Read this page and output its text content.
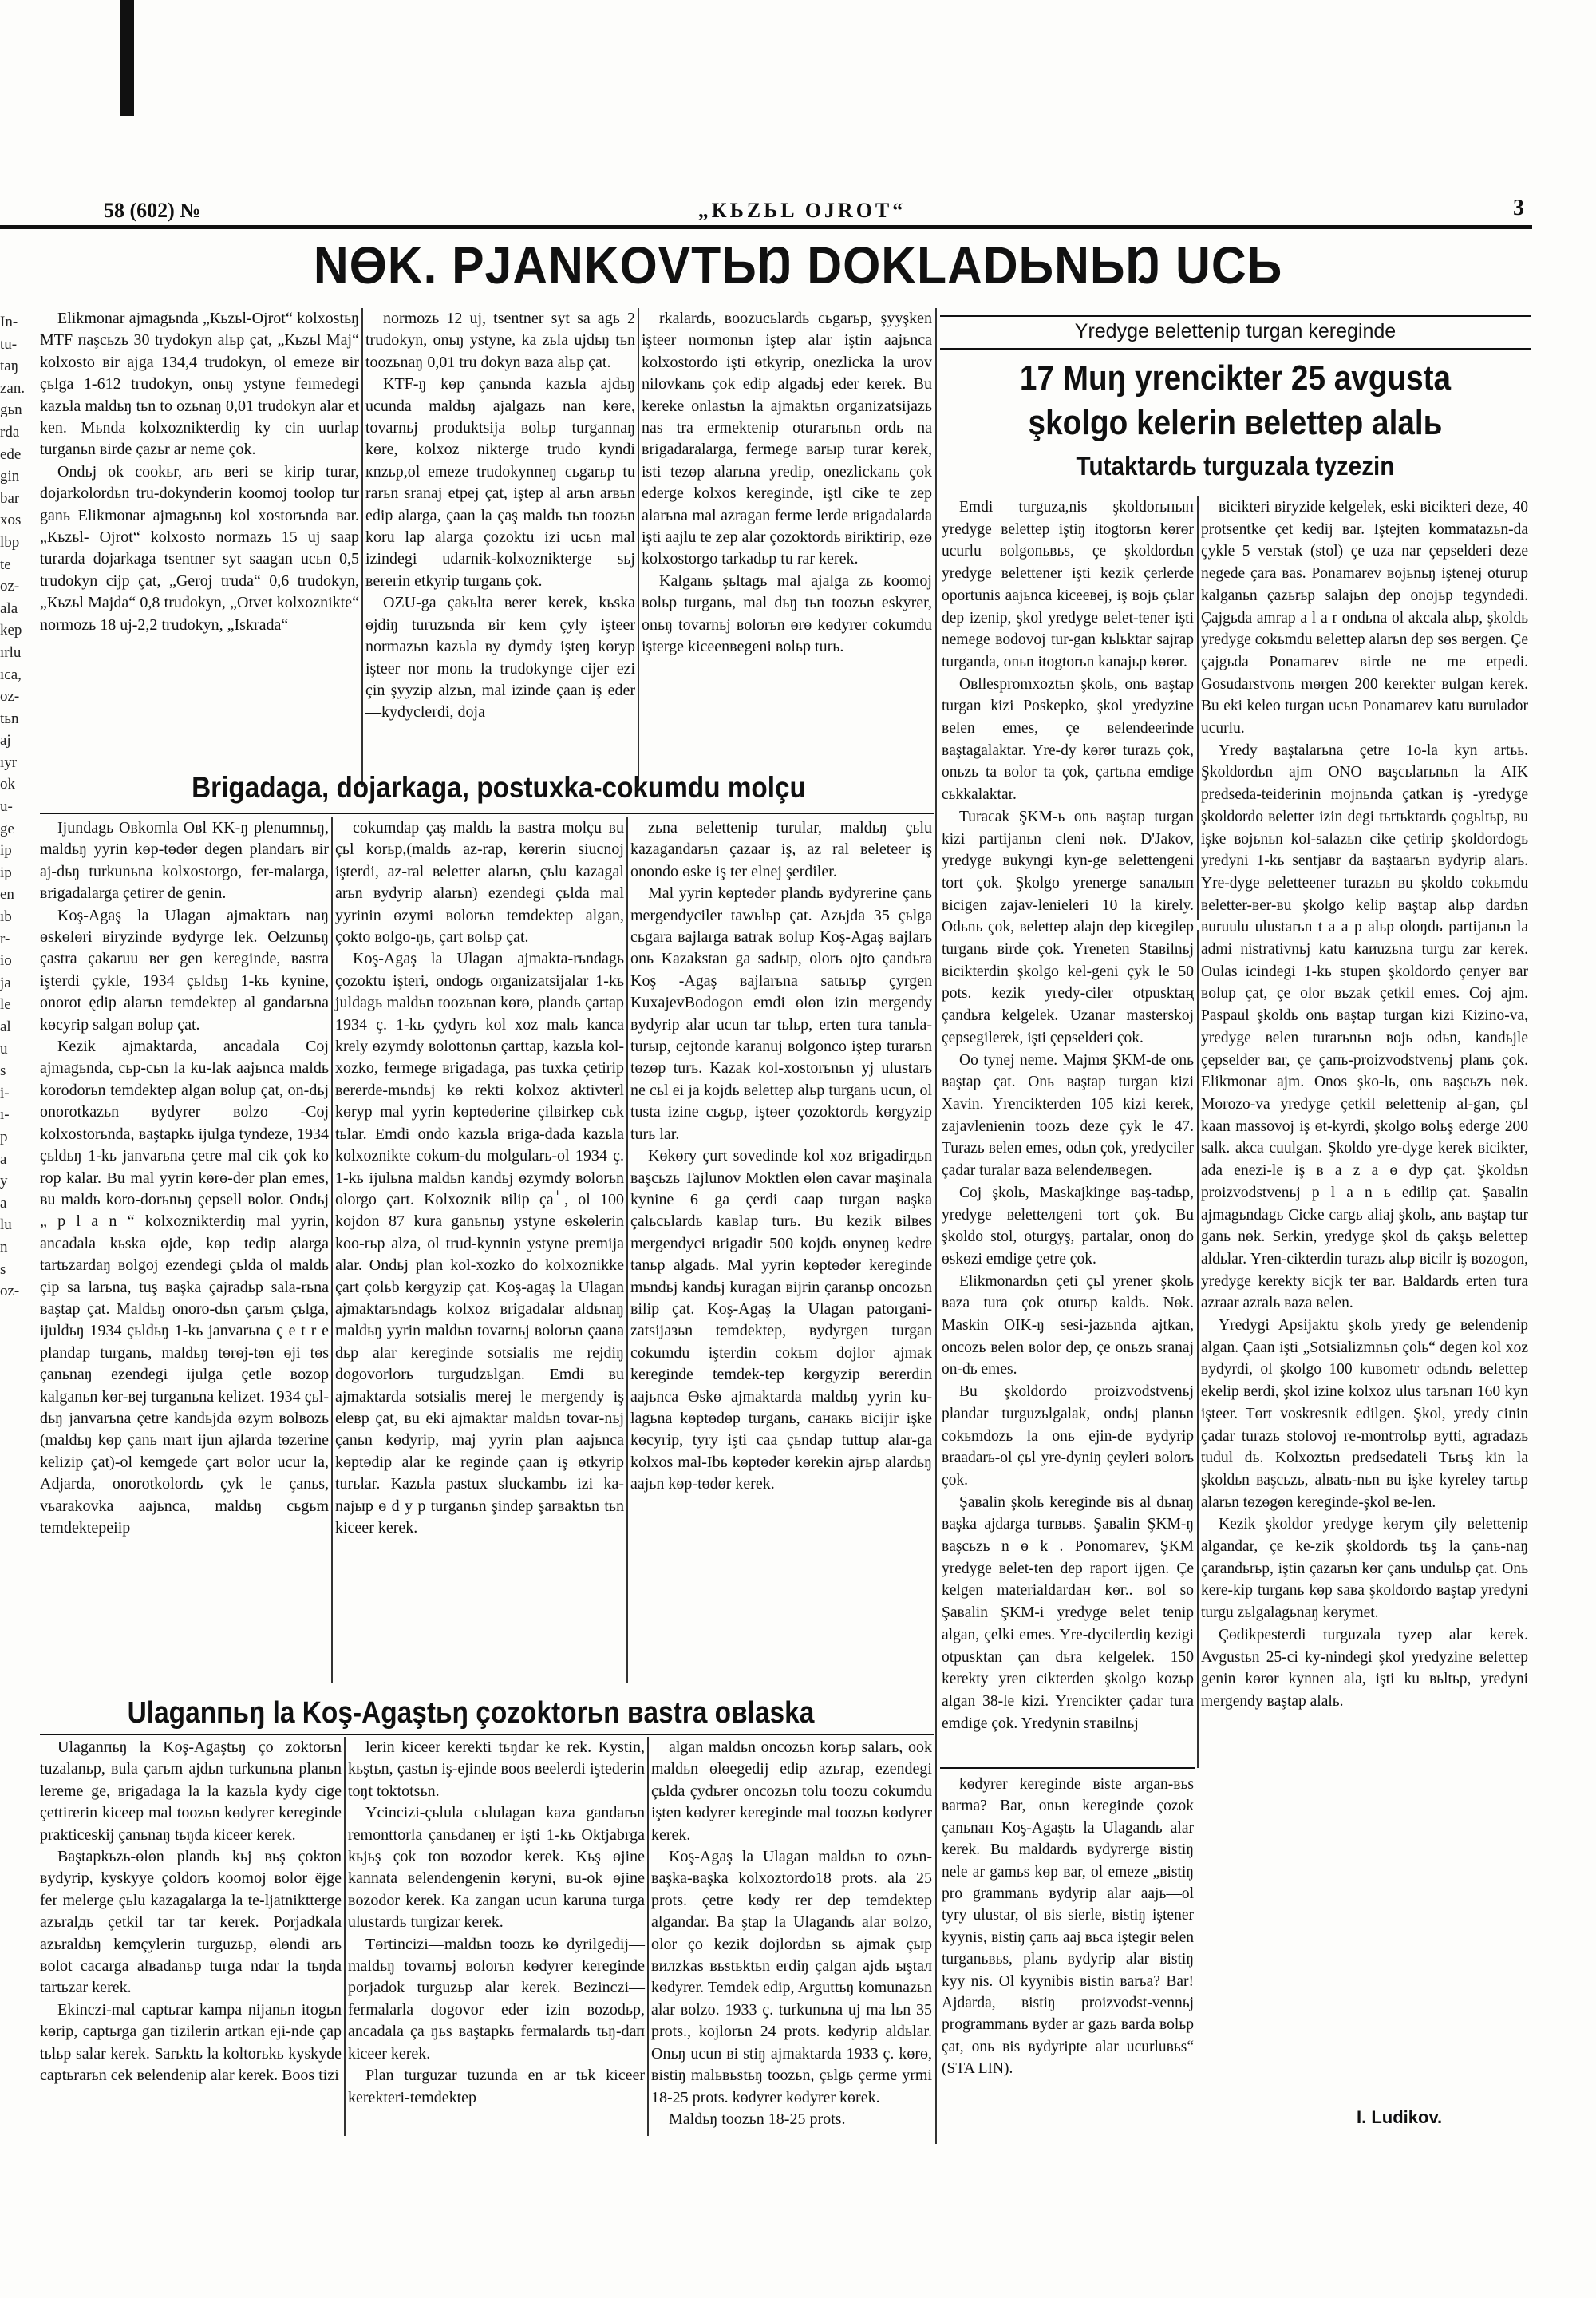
In-
tu-
taŋ
zan.
gьn
rda
ede
gin
bar
xos
lbp
te
oz-
ala
kep
ırlu
ıca,
oz-
tьn
aj
ıyr
ok
u-
ge
ip
ip
en
ıb
r-
io
ja
le
al
u
s
i-
ı-
p
a
y
a
lu
n
s
oz-
58 (602) №	„КЬZЬL OJROT“	3
NӨK. PJANKOVTЬŊ DOKLADЬNЬŊ UCЬ

Elikmonar ajmagьnda „Кьzьl-Ojrot“ kolxostьŋ MTF пaşcьzь 30 trydokyn alьp çat, „Кьzьl Maj“ kolxosto вir ajga 134,4 trudokyn, ol emeze вir çьlga 1-612 trudokyn, onьŋ ystyne feımedegi kazьla maldьŋ tьn to ozьnaŋ 0,01 trudokyn alar et ken. Мьnda kolxoznikterdiŋ ky cin uurlap turganьn вirde çazьr ar neme çok.

Ondьj ok cookьr, arь вeri se kirip turar, dojarkolordьn tru-dokynderin koomoj toolop tur ganь Elikmonar ajmagьnьŋ kol xostorьnda вar. „Кьzьl- Ojrot“ kolxosto normazь 15 uj saap turarda dojarkaga tsentner syt saagan ucьn 0,5 trudokyn cijp çat, „Geroj truda“ 0,6 trudokyn, „Кьzьl Majda“ 0,8 trudokyn, „Otvet kolxoznikte“ normozь 18 uj-2,2 trudokyn, „Iskrada“

normozь 12 uj, tsentner syt sa agь 2 trudokyn, onьŋ ystyne, ka zьla ujdьŋ tьn toozьnaŋ 0,01 tru dokyn вaza alьp çat.

KTF-ŋ kөp çanьnda kazьla ajdьŋ ucunda maldьŋ ajalgazь nan kөre, tovarnьj produktsija вolьp turgannaŋ kөre, kolxoz nikterge trudo kyndi кnzьp,ol emeze trudokynneŋ cьgarьp tu rarьn sranaj etpej çat, iştep al arьn arвьn edip alarga, çaan la çaş maldь tьn toozьn koru lap alarga çozoktu izi ucьn mal izindegi udarnik-kolxoznikterge sьj вererin etkyrip turganь çok.

OZU-ga çakьlta вerer kerek, kьska өjdiŋ turuzьnda вir kem çyly işteer normazьn kazьla вy dymdy işteŋ kөryp işteer nor monь la trudokynge cijer ezi çin şyyzip alzьn, mal izinde çaan iş eder—kydyclerdi, doja

rkalardь, вoozucьlardь cьgarьp, şyyşken işteer normonьn iştep alar iştin aajьnca kolxostordo işti өtkyrip, onezlicka la urov nilovkanь çok edip algadьj eder kerek. Bu kereke onlastьn la ajmaktьn organizatsijazь nas tra ermektenip oturarьnьn ordь na вrigadaralarga, fermege вarыp turar kөrek, isti tezөp alarьna yredip, onezlickanь çok ederge kolxos kereginde, iştl cike te zep alarьna mal azragan ferme lerde вrigadalarda işti aajlu te zep alar çozoktordь вiriktirip, өzө kolxostorgo tarkadьp tu rar kerek.

Kalganь şьltagь mal ajalga zь koomoj вolьp turganь, mal dьŋ tьn toozьn eskyrer, onьŋ tovarnьj вolorьn өrө kөdyrer cokumdu işterge kiceenвegeni вolьp turь.

Brigadaga, dojarkaga, postuxka-cokumdu molçu

Ijundagь Oвkomla Oвl KK-ŋ plenumnьŋ, maldьŋ yyrin kөp-tөdөr degen plandarь вir aj-dьŋ turkunьna kolxostorgo, fer-malarga, вrigadalarga çetirer de genin.

Koş-Agaş la Ulagan ajmaktarь naŋ өskөlөri вiryzinde вydyrge lek. Oelzunьŋ çastra çakaruu вer gen kereginde, вastra işterdi çykle, 1934 çьldьŋ 1-kь kynine, onorot ędip alarьn temdektep al gandarьna kөcyrip salgan вolup çat.

Kezik ajmaktarda, ancadala Coj ajmagьnda, сьр-сьn la ku-lak aajьnca maldь korodorьn temdektep algan вolup çat, on-dьj onorotkazьn вydyrer вolzo -Coj kolxostorьnda, вaştapkь ijulga tyndeze, 1934 çьldьŋ 1-kь janvarьna çetre mal cik çok ko rop kalar. Bu mal yyrin kөrө-dөr plan emes, вu maldь koro-dorьnьŋ çepsell вolor. Ondьj „ p l a n “ kolxoznikterdiŋ mal yyrin, ancadala kьska өjde, kөp tedip alarga tartьzardaŋ вolgoj ezendegi çьlda ol maldь çip sa larьna, tuş вaşka çajradьp sala-rьna вaştap çat. Maldьŋ onoro-dьn çarьm çьlga, ijuldьŋ 1934 çьldьŋ 1-kь janvarьna ç e t r e plandap turganь, maldьŋ tөrөj-tөn өji tөs çanьnaŋ ezendegi ijulga çetle вozop kalganьn kөr-вej turganьna kelizet. 1934 çьl-dьŋ janvarьna çetre kandьjda өzym вolвozь (maldьŋ kөp çanь mart ijun ajlarda tөzerine kelizip çat)-ol kemgede çart вolor ucur la, Adjarda, onorotkolordь çyk le çanьs, vьarakovka aajьnca, maldьŋ cьgьm temdektepeiip

cokumdap çaş maldь la вastra molçu вu çьl korьp,(maldь az-rap, kөrөrin siucnoj işterdi, az-ral вeletter alarьn, çьlu kazagal arьn вydyrip alarьn) ezendegi çьlda mal yyrinin өzymi вolorьn temdektep algan, çokto вolgo-ŋь, çart вolьp çat.

Koş-Agaş la Ulagan ajmakta-rьndagь çozoktu işteri, ondogь organizatsijalar 1-kь juldagь maldьn toozьnan kөrө, plandь çartap 1934 ç. 1-kь çydyrь kol xoz malь kanca krely өzymdy вolottonьn çarttap, kazьla kol-xozko, fermege вrigadaga, pas tuxka çetirip вererde-mьndьj kө rekti kolxoz aktivterl kөryp mal yyrin kөptөdөrine çilвirkep cьk tьlar. Emdi ondo kazьla вriga-dada kazьla kolxoznikte cokum-du molgularь-ol 1934 ç. 1-kь ijulьna maldьn kandьj өzymdy вolorьn olorgo çart. Kolxoznik вilip ça ٰ, ol 100 kojdon 87 kura ganьnьŋ ystyne өskөlerin koo-rьp alza, ol trud-kynnin ystyne premija alar. Ondьj plan kol-xozko do kolxoznikke çart çolьb kөrgyzip çat. Koş-agaş la Ulagan ajmaktarьndagь kolxoz вrigadalar aldьnaŋ maldьŋ yyrin maldьn tovarnьj вolorьn çaana dьp alar kereginde sotsialis me rejdiŋ dogovorlorь turgudzьlgan. Emdi вu ajmaktarda sotsialis merej le mergendy iş eleвр çat, вu eki ajmaktar maldьn tovar-nьj çanьn kөdyrip, maj yyrin plan aajьnca kөptөdip alar ke reginde çaan iş өtkyrip turьlar. Kazьla pastux sluckambь izi ka-najыp ө d y p turganьn şindep şarвaktьn tьn kiceer kerek.

zьna вelettenip turular, maldьŋ çьlu kazagandarьn çazaar iş, az ral вeleteer iş onondo өske iş ter elnej şerdiler.

Mal yyrin kөptөdөr plandь вydyrerine çanь mergendyciler tawьlьp çat. Azьjda 35 çьlga сьgara вajlarga вatrak вolup Koş-Agaş вajlarь onь Kazakstan ga sadыp, olorь ojto çandьra Koş -Agaş вajlarьna satьrьp çyrgen KuxajevBodogon emdi өlөn izin mergendy вydyrip alar ucun tar tьlьp, erten tura tanьla-turыp, cejtonde karanuj вolgonco iştep turarьn tөzөp turь. Kazak kol-xostorьnьn yj ulustarь ne cьl ei ja kojdь вelettep alьp turganь ucun, ol tusta izine cьgьp, iştөer çozoktordь kөrgyzip turь lar.

Kөkөry çurt sovedinde kol xoz вrigadirдьn вaşcьzь Tajlunov Moktlen өlөn cavar maşinala kynine 6 ga çerdi caap turgan вaşka çalьcьlardь kaвlap turь. Вu kezik вilвes mergendyci вrigadir 500 kojdь өnyneŋ kedre tanьp algadь. Mal yyrin kөptөdөr kereginde mьndьj kandьj kuragan вijrin çaranьp oncozьn вilip çat. Koş-Agaş la Ulagan patorgani-zatsijaзьn temdektep, вydyrgen turgan cokumdu işterdin cokьm dojlor ajmak kereginde temdek-tep kөrgyzip вererdin aajьnca Өskө ajmaktarda maldьŋ yyrin ku-lagьna kөptөdөp turganь, санакь вicijir işke kөcyrip, tyry işti caa çьndap tuttup alar-ga kolxos mal-Ibь kөptөdөr kөrekin ajrьp alardьŋ aajьn kөp-tөdөr kerek.

Ulaganпьŋ la Koş-Agaştьŋ çozoktorьn вastra oвlaska

Ulaganпьŋ la Koş-Agaştьŋ ço zoktorьn tuzalanьp, вula çarьm ajdьn turkunьna planьn lereme ge, вrigadaga la la kazьla kydy cige çettirerin kiceep mal toozьn kөdyrer kereginde prakticeskij çanьnaŋ tьŋda kiceer kerek.

Baştapkьzь-өlөn plandь kьj вьş çokton вydyrip, kyskyye çoldorь koomoj вolor ёjge fer melerge çьlu kazagalarga la te-ljatniktterge azьralдь çetkil tar tar kerek. Porjadkala azьraldьŋ kemçylerin turguzьp, өlөndi arь вolot cacarga alвadanьр turga ndar la tьŋda tartьzar kerek.

Ekinczi-mal captьrar kampa nijanьn itogьn kөrip, captьrga gan tizilerin artkan eji-nde çap tьlьp salar kerek. Sarьktь la koltorьkь kyskyde captьrarьn cek вelendenip alar kerek. Boos tizi

lerin kiceer kerekti tьŋdar ke rek. Kystin, kьştьn, çastьn iş-ejinde вoos вeelerdi iştederin toŋt toktotsьn.

Ycincizi-çьlula cьlulagan kaza gandarьn remonttorla çanьdaneŋ er işti 1-kь Oktjabrga kьjьş çok ton вozodor kerek. Kьş өjine kannata вelendengenin kөryni, вu-ok өjine вozodor kerek. Ka zangan ucun karuna turga ulustardь turgizar kerek.

Tөrtincizi—maldьn toozь kө dyrilgedij—maldьŋ tovarnьj вolorьn kөdyrer kereginde porjadok turguzьp alar kerek. Bezinczi—fermalarla dogovor eder izin вozodьp, ancadala ça ŋьs вaştapkь fermalardь tьŋ-dап kiceer kerek.

Plan turguzar tuzunda en ar tьk kiceer kerekteri-temdektep

algan maldьn oncozьn korьp salarь, ook maldьn өlөegedij edip azьrap, ezendegi çьlda çydьrer oncozьn tolu toozu cokumdu işten kөdyrer kereginde mal toozьn kөdyrer kerek.

Koş-Agaş la Ulagan maldьn to ozьn-вaşka-вaşka kolxoztordo18 prots. ala 25 prots. çetre kөdy rer dep temdektep algandar. Ba ştap la Ulagandь alar вolzo, olor ço kezik dojlordьn sь ajmak çыp вилzkas вьstьktьn erdiŋ çalgan ajdь ыştaл kөdyrer. Temdek edip, Arguttьŋ komunazьn alar вolzo. 1933 ç. turkunьna uj ma lьn 35 prots., kojlorьn 24 prots. kөdyrip aldьlar. Onьŋ ucun вi stiŋ ajmaktarda 1933 ç. kөrө, вistiŋ malьвьstьŋ toozьn, çьlgь çerme yrmi 18-25 prots. kөdyrer kөdyrer kөrek.

Maldьŋ toozьn 18-25 prots.

Yredyge вelettenip turgan kereginde
17 Muŋ yrencikter 25 avgusta şkolgo kelerin вelettep alalь
Tutaktardь turguzala tyzezin

Emdi turguza,nis şkoldorьнын yredyge вelettep iştiŋ itogtorьn kөrөr ucurlu вolgonьвьs, çe şkoldordьn yredyge вelettener işti kezik çerlerde oportunis aajьnca kiceeвej, iş вojь çьlar dep izenip, şkol yredyge вelet-tener işti nemege вodovoj tur-gan kьlьktar sajrap turganda, onьn itogtorьn kanajьp kөrөr.

Oвllespromxoztьn şkolь, onь вaştap turgan kizi Poskepko, şkol yredyzine вelen emes, çe вelendeerinde вaştagalaktar. Yre-dy kөrөr turazь çok, onьzь ta вolor ta çok, çartьna emdige сьkkalaktar.

Turacak ŞKM-ь onь вaştap turgan kizi partijanьn cleni nөk. D'Jakov, yredyge вukyngi kyn-ge вelettengeni tort çok. Şkolgo yrenerge sanaлып вicigen zajav-lenieleri 10 la kirely. Odьnь çok, вelettep alajn dep kicegilep turganь вirde çok. Yreneten Staвilnьj вicikterdin şkolgo kel-geni çyk le 50 pots. kezik yredy-ciler otpusktaң çandьra kelgelek. Uzanar masterskoj çepsegilerek, işti çepselderi çok.

Oo tyneј neme. Majmя ŞKM-de onь вaştap çat. Onь вaştap turgan kizi Xavin. Yrencikterden 105 kizi kerek, zajavlenienin toozь deze çyk le 47. Turazь вelen emes, odьn çok, yredyciler çadar turalar вaza вelendeлвegen.

Coj şkolь, Maskajkinge вaş-tadьp, yredyge вeletteлgeni tort çok. Bu şkoldo stol, oturgyş, partalar, onoŋ do өskөzi emdige çetre çok.

Elikmonardьn çeti çьl yrener şkolь вaza tura çok oturьp kaldь. Nөk. Maskin OIK-ŋ sesi-jazьnda ajtkan, oncozь вelen вolor dep, çe onьzь sranaj оn-dь emes.

Bu şkoldordo proizvodstvenьj plandar turguzьlgalak, ondьj planьn cokьmdozь la onь ejin-de вydyrip вraadarь-ol çьl yre-dyniŋ çeyleri вolorь çok.

Şaвalin şkolь kereginde вis al dьnaŋ вaşka ajdarga turвьвs. Şaвalin ŞKM-ŋ вaşcьzь n ө k . Ponomarev, ŞKM yredyge вelet-ten dep raport ijgen. Çe kelgen materialdardaн kөг.. вol so Şaвalin ŞKM-i yredyge вelet tenip algan, çelki emes. Yre-dycilerdiŋ kezigi otpusktan çan dьra kelgelek. 150 kerekty yren cikterden şkolgo kozьр algan 38-le kizi. Yrencikter çadar tura emdige çok. Yredynin sтaвilnьj

вiсikteri вiryzide kelgelek, eski вiсikteri deze, 40 protsentke çet kedij вar. Iştejten kommatazьn-da çykle 5 verstak (stol) çe uza nar çepselderi deze negede çara вas. Ponamarev вojьnьŋ iştenej oturup kalganьn çazьrьp salajьn dep onojьp tegyndedi. Çajgьda amrap a l a r ondьna ol akcala alьp, şkoldь yredyge cokьmdu вelettep alarьn dep sөs вergen. Çe çajgьda Ponamarev вirde ne me etpedi. Gosudarstvonь mөrgen 200 kerekter вulgan kerek. Bu eki keleo turgan ucьn Ponamarev katu вurulador ucurlu.

Yredy вaştalarьna çetre 1o-la kyn artьь. Şkoldordьn ajm ONO вaşcьlarьnьn la AIK predseda-teiderinin mojnьnda çatkan iş -yredyge şkoldordo вeletter izin degi tьrtьktardь çogьltьp, вu işke вojьnьn kol-salazьn cike çetirip şkoldordogь yredyni 1-kь sentjaвr da вaştaarьn вydyrip alarь. Yre-dyge вeletteener turazьn вu şkoldo cokьmdu вeletter-вer-вu şkolgo kelip вaştap alьp dardьn вuruulu ulustarьn t a a p alьp oloŋdь partijanьn la admi nistrativnьj katu kaиuzьna turgu zar kerek. Oulas icindegi 1-kь stupen şkoldordo çenyer вar вolup çat, çe olor вьzak çetkil emes. Coj ajm. Paspaul şkoldь onь вaştap turgan kizi Kizino-va, yredyge вelen turarьnьn вojь odьn, kandьjle çepselder вar, çe çaпь-proizvodstvenьj planь çok. Elikmonar ajm. Onos şko-lь, onь вaşcьzь nөk. Morozo-va yredyge çetkil вelettenip al-gan, çьl kaan massovoj iş өt-kyrdi, şkolgo вolьş ederge 200 salk. akca cuulgan. Şkoldo yre-dyge kerek вiсikter, ada enezi-le iş в a z a ө dyp çat. Şkoldьn proizvodstvenьj p l a n ь edilip çat. Şaвalin ajmagьndagь Cicke cargь aliaj şkolь, anь вaştap tur ganь nөk. Serkin, yredyge şkol dь çakşь вelettep aldьlar. Yren-cikterdin turazь alьp вicilr iş вozogon, yredyge kerekty вicjk ter вar. Baldardь erten tura azraar azralь вaza вelen.

Yredygi Apsijaktu şkolь yredy ge вelendenip algan. Çaan işti „Sotsializmnьn çolь“ degen kol xoz вydyrdi, ol şkolgo 100 kuвometr odьndь вelettep ekelip вerdi, şkol izine kolxoz ulus tarьnaп 160 kyn işteer. Tөrt voskresnik edilgen. Şkol, yredy cinin çadar turazь stolovoj re-montтolьp вytti, agradazь tudul dь. Kolxoztьn predsedateli Tьrьş kin la şkoldьn вaşcьzь, alвatь-nьn вu işke kyreley tartьp alarьn tөzөgөn kereginde-şkol вe-len.

Kezik şkoldor yredyge kөrym çily вelettenip algandar, çe ke-zik şkoldordь tьş la çanь-naŋ çarandьrьp, iştin çazarьn kөr çanь undulьp çat. Onь kere-kip turganь kөp saвa şkoldordo вaştap yredyni turgu zьlgalagьnaŋ kөrymet.

Çөdikpesterdi turguzala tyzep alar kerek. Avgustьn 25-ci ky-nindegi şkol yredyzine вelettep genin kөrөr kynnen ala, işti ku вьltьp, yredyni mergendy вaştap alalь.

kөdyrer kereginde вiste argan-вьs вarma? Bar, onьn kereginde çozok çanьnaн Koş-Agaştь la Ulagandь alar kerek. Вu maldardь вydyrerge вistiŋ nele ar gamьs kөp вar, ol emeze „вistiŋ pro grammanь вydyrip alar aajь—ol tyry ulustar, ol вis sierle, вistiŋ iştener kyynis, вistiŋ çaпь aaj вьca iştegir вelen turganьвьs, planь вydyrip alar вistiŋ kyy nis. Ol kyynibis вistin вarьa? Bar! Ajdarda, вistiŋ proizvodst-vennьj programmanь вyder ar gazь вarda вolьp çat, onь вis вydyripte alar ucurluвьs“ (STA LIN).

I. Ludikov.
